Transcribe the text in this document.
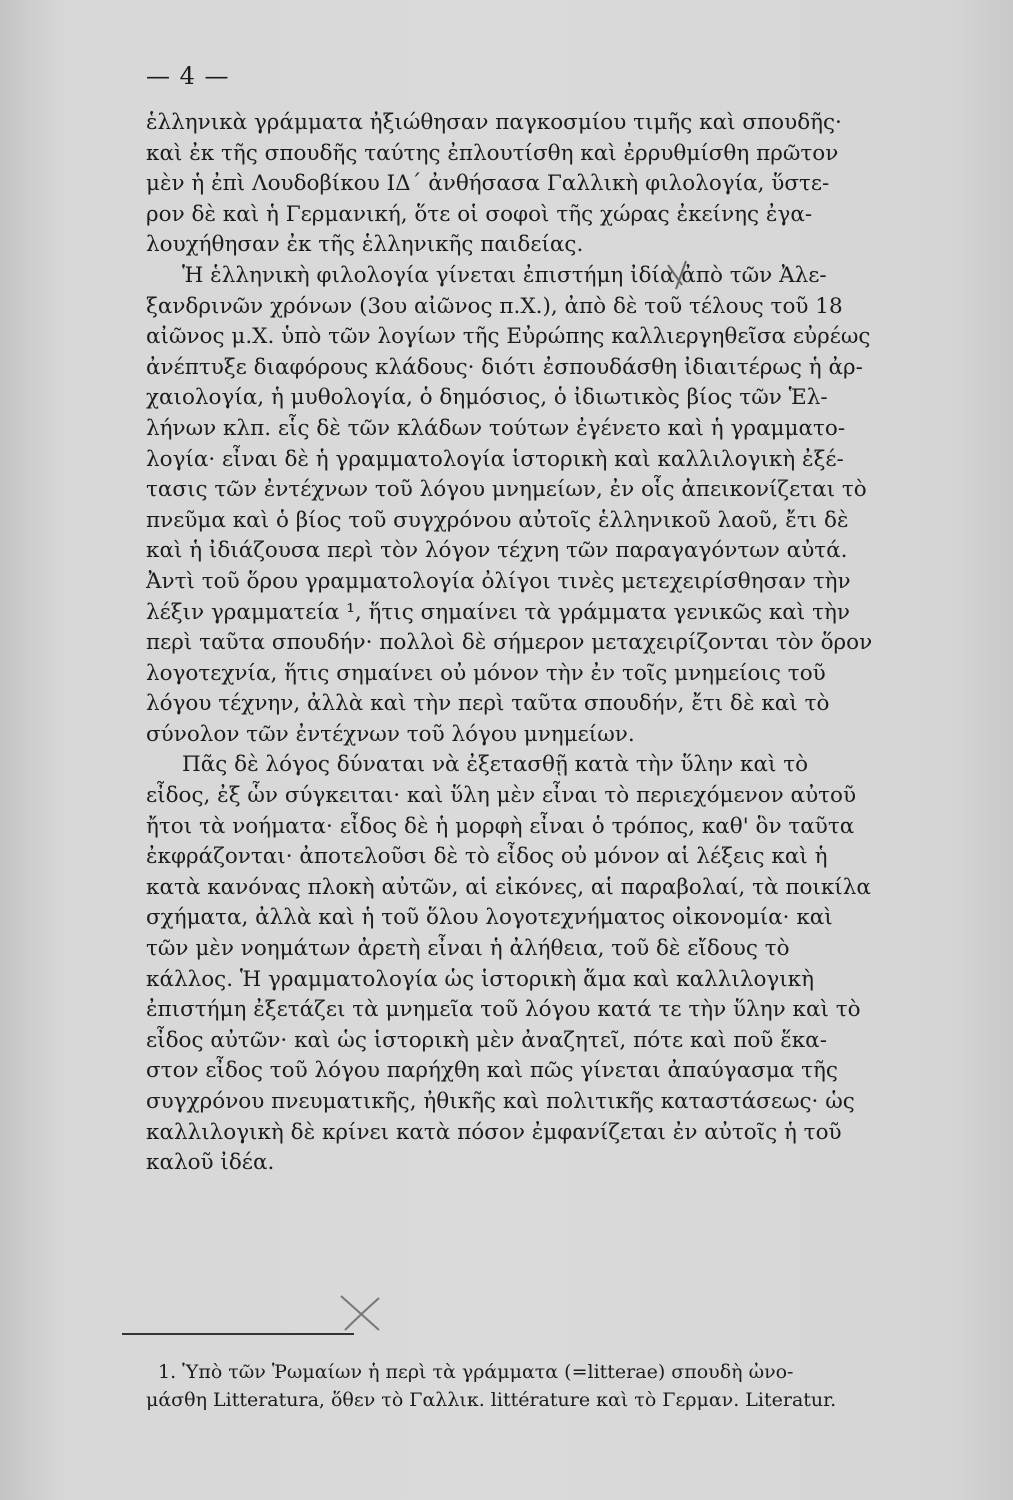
— 4 —
ἑλληνικὰ γράμματα ἠξιώθησαν παγκοσμίου τιμῆς καὶ σπουδῆς·
καὶ ἐκ τῆς σπουδῆς ταύτης ἐπλουτίσθη καὶ ἐρρυθμίσθη πρῶτον
μὲν ἡ ἐπὶ Λουδοβίκου ΙΔ΄ ἀνθήσασα Γαλλικὴ φιλολογία, ὕστε-
ρον δὲ καὶ ἡ Γερμανική, ὅτε οἱ σοφοὶ τῆς χώρας ἐκείνης ἐγα-
λουχήθησαν ἐκ τῆς ἑλληνικῆς παιδείας.
Ἡ ἑλληνικὴ φιλολογία γίνεται ἐπιστήμη ἰδία ἀπὸ τῶν Ἀλε-
ξανδρινῶν χρόνων (3ου αἰῶνος π.Χ.), ἀπὸ δὲ τοῦ τέλους τοῦ 18
αἰῶνος μ.Χ. ὑπὸ τῶν λογίων τῆς Εὐρώπης καλλιεργηθεῖσα εὐρέως
ἀνέπτυξε διαφόρους κλάδους· διότι ἐσπουδάσθη ἰδιαιτέρως ἡ ἀρ-
χαιολογία, ἡ μυθολογία, ὁ δημόσιος, ὁ ἰδιωτικὸς βίος τῶν Ἑλ-
λήνων κλπ. εἷς δὲ τῶν κλάδων τούτων ἐγένετο καὶ ἡ γραμματο-
λογία· εἶναι δὲ ἡ γραμματολογία ἱστορικὴ καὶ καλλιλογικὴ ἐξέ-
τασις τῶν ἐντέχνων τοῦ λόγου μνημείων, ἐν οἷς ἀπεικονίζεται τὸ
πνεῦμα καὶ ὁ βίος τοῦ συγχρόνου αὐτοῖς ἑλληνικοῦ λαοῦ, ἔτι δὲ
καὶ ἡ ἰδιάζουσα περὶ τὸν λόγον τέχνη τῶν παραγαγόντων αὐτά.
Ἀντὶ τοῦ ὅρου γραμματολογία ὀλίγοι τινὲς μετεχειρίσθησαν τὴν
λέξιν γραμματεία ¹, ἥτις σημαίνει τὰ γράμματα γενικῶς καὶ τὴν
περὶ ταῦτα σπουδήν· πολλοὶ δὲ σήμερον μεταχειρίζονται τὸν ὅρον
λογοτεχνία, ἥτις σημαίνει οὐ μόνον τὴν ἐν τοῖς μνημείοις τοῦ
λόγου τέχνην, ἀλλὰ καὶ τὴν περὶ ταῦτα σπουδήν, ἔτι δὲ καὶ τὸ
σύνολον τῶν ἐντέχνων τοῦ λόγου μνημείων.
Πᾶς δὲ λόγος δύναται νὰ ἐξετασθῇ κατὰ τὴν ὕλην καὶ τὸ
εἶδος, ἐξ ὧν σύγκειται· καὶ ὕλη μὲν εἶναι τὸ περιεχόμενον αὐτοῦ
ἤτοι τὰ νοήματα· εἶδος δὲ ἡ μορφὴ εἶναι ὁ τρόπος, καθ' ὃν ταῦτα
ἐκφράζονται· ἀποτελοῦσι δὲ τὸ εἶδος οὐ μόνον αἱ λέξεις καὶ ἡ
κατὰ κανόνας πλοκὴ αὐτῶν, αἱ εἰκόνες, αἱ παραβολαί, τὰ ποικίλα
σχήματα, ἀλλὰ καὶ ἡ τοῦ ὅλου λογοτεχνήματος οἰκονομία· καὶ
τῶν μὲν νοημάτων ἀρετὴ εἶναι ἡ ἀλήθεια, τοῦ δὲ εἴδους τὸ
κάλλος. Ἡ γραμματολογία ὡς ἱστορικὴ ἅμα καὶ καλλιλογικὴ
ἐπιστήμη ἐξετάζει τὰ μνημεῖα τοῦ λόγου κατά τε τὴν ὕλην καὶ τὸ
εἶδος αὐτῶν· καὶ ὡς ἱστορικὴ μὲν ἀναζητεῖ, πότε καὶ ποῦ ἕκα-
στον εἶδος τοῦ λόγου παρήχθη καὶ πῶς γίνεται ἀπαύγασμα τῆς
συγχρόνου πνευματικῆς, ἠθικῆς καὶ πολιτικῆς καταστάσεως· ὡς
καλλιλογικὴ δὲ κρίνει κατὰ πόσον ἐμφανίζεται ἐν αὐτοῖς ἡ τοῦ
καλοῦ ἰδέα.
1. Ὑπὸ τῶν Ῥωμαίων ἡ περὶ τὰ γράμματα (=litterae) σπουδὴ ὠνο-
μάσθη Litteratura, ὅθεν τὸ Γαλλικ. littérature καὶ τὸ Γερμαν. Literatur.
